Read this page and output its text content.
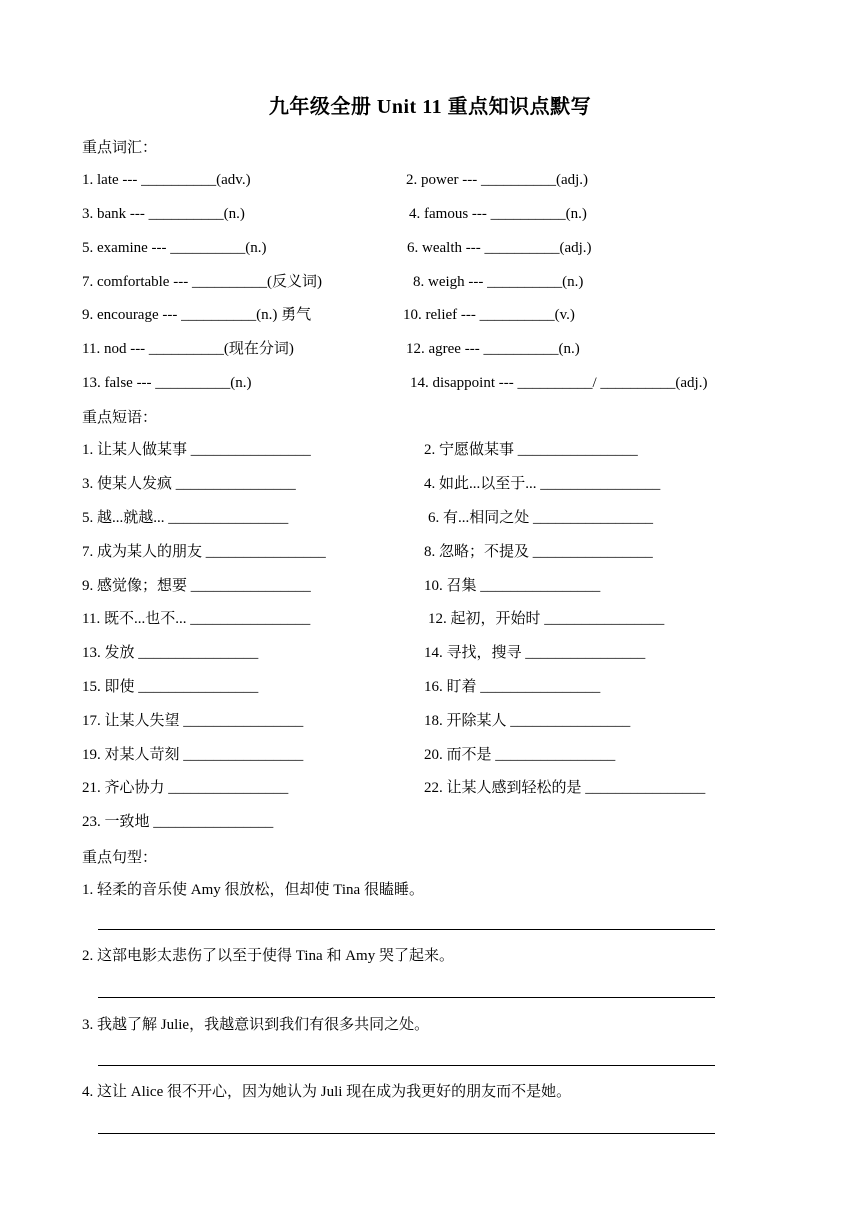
九年级全册 Unit 11 重点知识点默写
重点词汇：
1. late --- __________(adv.)	2. power --- __________(adj.)
3. bank --- __________(n.)	4. famous --- __________(n.)
5. examine --- __________(n.)	6. wealth --- __________(adj.)
7. comfortable --- __________(反义词)	8. weigh --- __________(n.)
9. encourage --- __________(n.) 勇气	10. relief --- __________(v.)
11. nod --- __________(现在分词)	12. agree --- __________(n.)
13. false --- __________(n.)	14. disappoint --- __________/ __________(adj.)
重点短语：
1. 让某人做某事 ________________	2. 宁愿做某事 ________________
3. 使某人发疯 ________________	4. 如此...以至于... ________________
5. 越...就越... ________________	6. 有...相同之处 ________________
7. 成为某人的朋友 ________________	8. 忽略；不提及 ________________
9. 感觉像；想要 ________________	10. 召集 ________________
11. 既不...也不... ________________	12. 起初，开始时 ________________
13. 发放 ________________	14. 寻找，搜寻 ________________
15. 即使 ________________	16. 盯着 ________________
17. 让某人失望 ________________	18. 开除某人 ________________
19. 对某人苛刻 ________________	20. 而不是 ________________
21. 齐心协力 ________________	22. 让某人感到轻松的是 ________________
23. 一致地 ________________
重点句型：
1. 轻柔的音乐使 Amy 很放松，但却使 Tina 很瞌睡。
2. 这部电影太悲伤了以至于使得 Tina 和 Amy 哭了起来。
3. 我越了解 Julie，我越意识到我们有很多共同之处。
4. 这让 Alice 很不开心，因为她认为 Juli 现在成为我更好的朋友而不是她。
